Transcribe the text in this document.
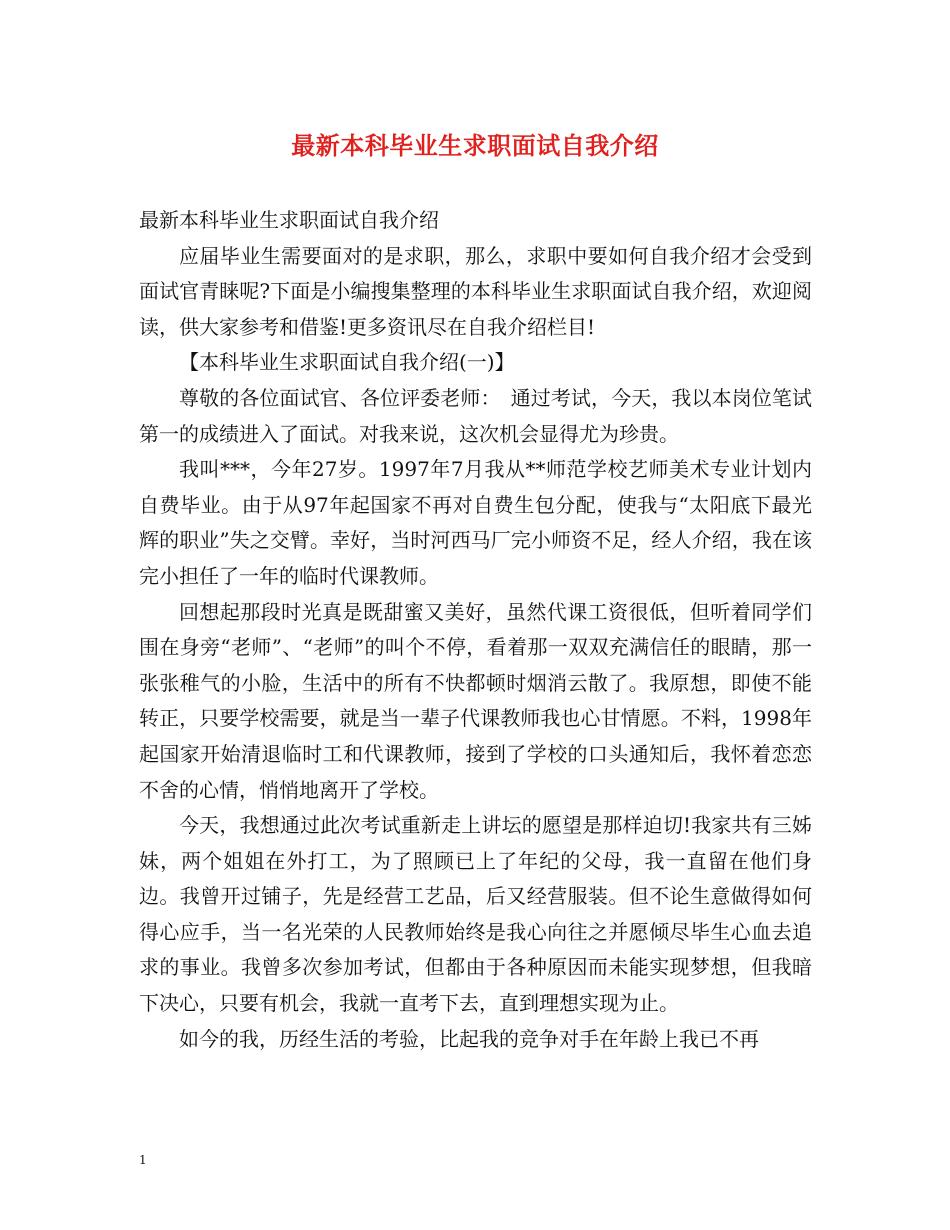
最新本科毕业生求职面试自我介绍

最新本科毕业生求职面试自我介绍

应届毕业生需要面对的是求职，那么，求职中要如何自我介绍才会受到面试官青睐呢?下面是小编搜集整理的本科毕业生求职面试自我介绍，欢迎阅读，供大家参考和借鉴!更多资讯尽在自我介绍栏目!

【本科毕业生求职面试自我介绍(一)】

尊敬的各位面试官、各位评委老师：　通过考试，今天，我以本岗位笔试第一的成绩进入了面试。对我来说，这次机会显得尤为珍贵。

我叫***，今年27岁。1997年7月我从**师范学校艺师美术专业计划内自费毕业。由于从97年起国家不再对自费生包分配，使我与“太阳底下最光辉的职业”失之交臂。幸好，当时河西马厂完小师资不足，经人介绍，我在该完小担任了一年的临时代课教师。

回想起那段时光真是既甜蜜又美好，虽然代课工资很低，但听着同学们围在身旁“老师”、“老师”的叫个不停，看着那一双双充满信任的眼睛，那一张张稚气的小脸，生活中的所有不快都顿时烟消云散了。我原想，即使不能转正，只要学校需要，就是当一辈子代课教师我也心甘情愿。不料，1998年起国家开始清退临时工和代课教师，接到了学校的口头通知后，我怀着恋恋不舍的心情，悄悄地离开了学校。

今天，我想通过此次考试重新走上讲坛的愿望是那样迫切!我家共有三姊妹，两个姐姐在外打工，为了照顾已上了年纪的父母，我一直留在他们身边。我曾开过铺子，先是经营工艺品，后又经营服装。但不论生意做得如何得心应手，当一名光荣的人民教师始终是我心向往之并愿倾尽毕生心血去追求的事业。我曾多次参加考试，但都由于各种原因而未能实现梦想，但我暗下决心，只要有机会，我就一直考下去，直到理想实现为止。

如今的我，历经生活的考验，比起我的竞争对手在年龄上我已不再

1
